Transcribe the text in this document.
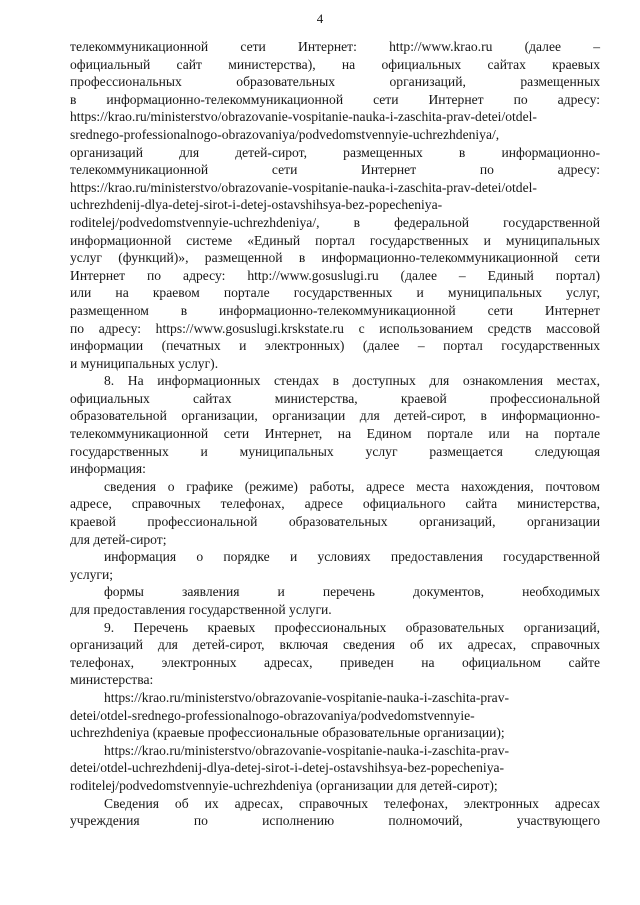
4

телекоммуникационной сети Интернет: http://www.krao.ru (далее –
официальный сайт министерства), на официальных сайтах краевых
профессиональных образовательных организаций, размещенных
в информационно-телекоммуникационной сети Интернет по адресу:
https://krao.ru/ministerstvo/obrazovanie-vospitanie-nauka-i-zaschita-prav-detei/otdel-
srednego-professionalnogo-obrazovaniya/podvedomstvennyie-uchrezhdeniya/,
организаций для детей-сирот, размещенных в информационно-
телекоммуникационной сети Интернет по адресу:
https://krao.ru/ministerstvo/obrazovanie-vospitanie-nauka-i-zaschita-prav-detei/otdel-
uchrezhdenij-dlya-detej-sirot-i-detej-ostavshihsya-bez-popecheniya-
roditelej/podvedomstvennyie-uchrezhdeniya/, в федеральной государственной
информационной системе «Единый портал государственных и муниципальных
услуг (функций)», размещенной в информационно-телекоммуникационной сети
Интернет по адресу: http://www.gosuslugi.ru (далее – Единый портал)
или на краевом портале государственных и муниципальных услуг,
размещенном в информационно-телекоммуникационной сети Интернет
по адресу: https://www.gosuslugi.krskstate.ru с использованием средств массовой
информации (печатных и электронных) (далее – портал государственных
и муниципальных услуг).

8. На информационных стендах в доступных для ознакомления местах,
официальных сайтах министерства, краевой профессиональной
образовательной организации, организации для детей-сирот, в информационно-
телекоммуникационной сети Интернет, на Едином портале или на портале
государственных и муниципальных услуг размещается следующая
информация:

сведения о графике (режиме) работы, адресе места нахождения, почтовом
адресе, справочных телефонах, адресе официального сайта министерства,
краевой профессиональной образовательных организаций, организации
для детей-сирот;

информация о порядке и условиях предоставления государственной
услуги;

формы заявления и перечень документов, необходимых
для предоставления государственной услуги.

9. Перечень краевых профессиональных образовательных организаций,
организаций для детей-сирот, включая сведения об их адресах, справочных
телефонах, электронных адресах, приведен на официальном сайте
министерства:

https://krao.ru/ministerstvo/obrazovanie-vospitanie-nauka-i-zaschita-prav-
detei/otdel-srednego-professionalnogo-obrazovaniya/podvedomstvennyie-
uchrezhdeniya (краевые профессиональные образовательные организации);

https://krao.ru/ministerstvo/obrazovanie-vospitanie-nauka-i-zaschita-prav-
detei/otdel-uchrezhdenij-dlya-detej-sirot-i-detej-ostavshihsya-bez-popecheniya-
roditelej/podvedomstvennyie-uchrezhdeniya (организации для детей-сирот);

Сведения об их адресах, справочных телефонах, электронных адресах
учреждения по исполнению полномочий, участвующего
